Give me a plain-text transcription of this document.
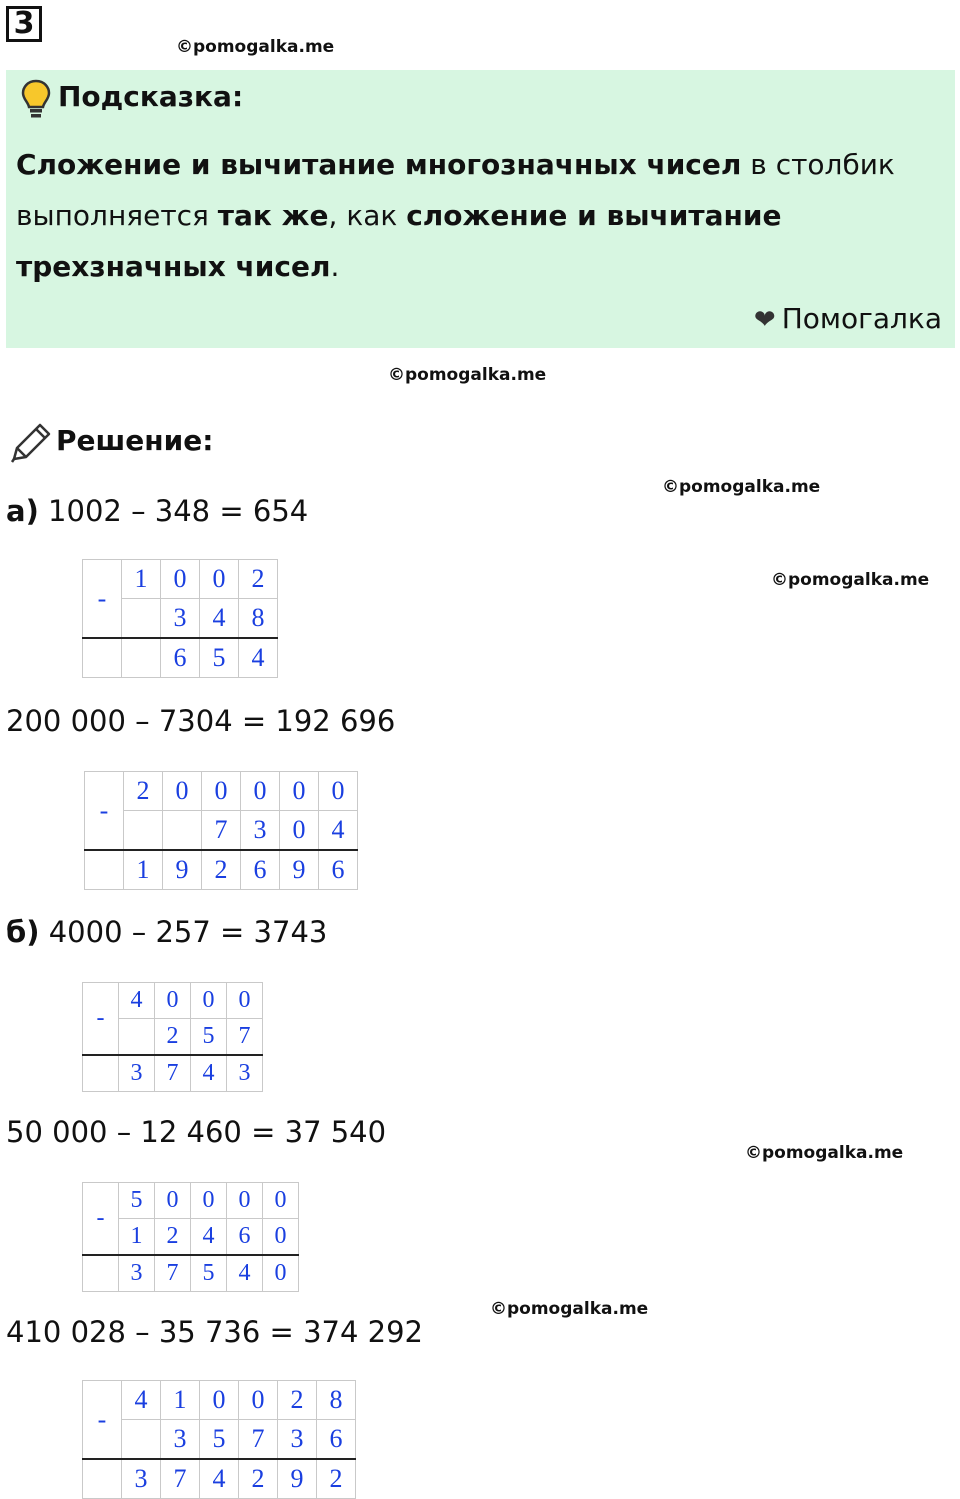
3
©pomogalka.me
Подсказка:
Сложение и вычитание многозначных чисел в столбик
выполняется так же, как сложение и вычитание
трехзначных чисел.
❤ Помогалка
©pomogalka.me
Решение:
©pomogalka.me
а) 1002 – 348 = 654
©pomogalka.me
-	1	0	0	2
		3	4	8
		6	5	4
200 000 – 7304 = 192 696
-	2	0	0	0	0	0
			7	3	0	4
	1	9	2	6	9	6
б) 4000 – 257 = 3743
-	4	0	0	0
		2	5	7
	3	7	4	3
50 000 – 12 460 = 37 540
©pomogalka.me
-	5	0	0	0	0
	1	2	4	6	0
	3	7	5	4	0
©pomogalka.me
410 028 – 35 736 = 374 292
-	4	1	0	0	2	8
		3	5	7	3	6
	3	7	4	2	9	2
